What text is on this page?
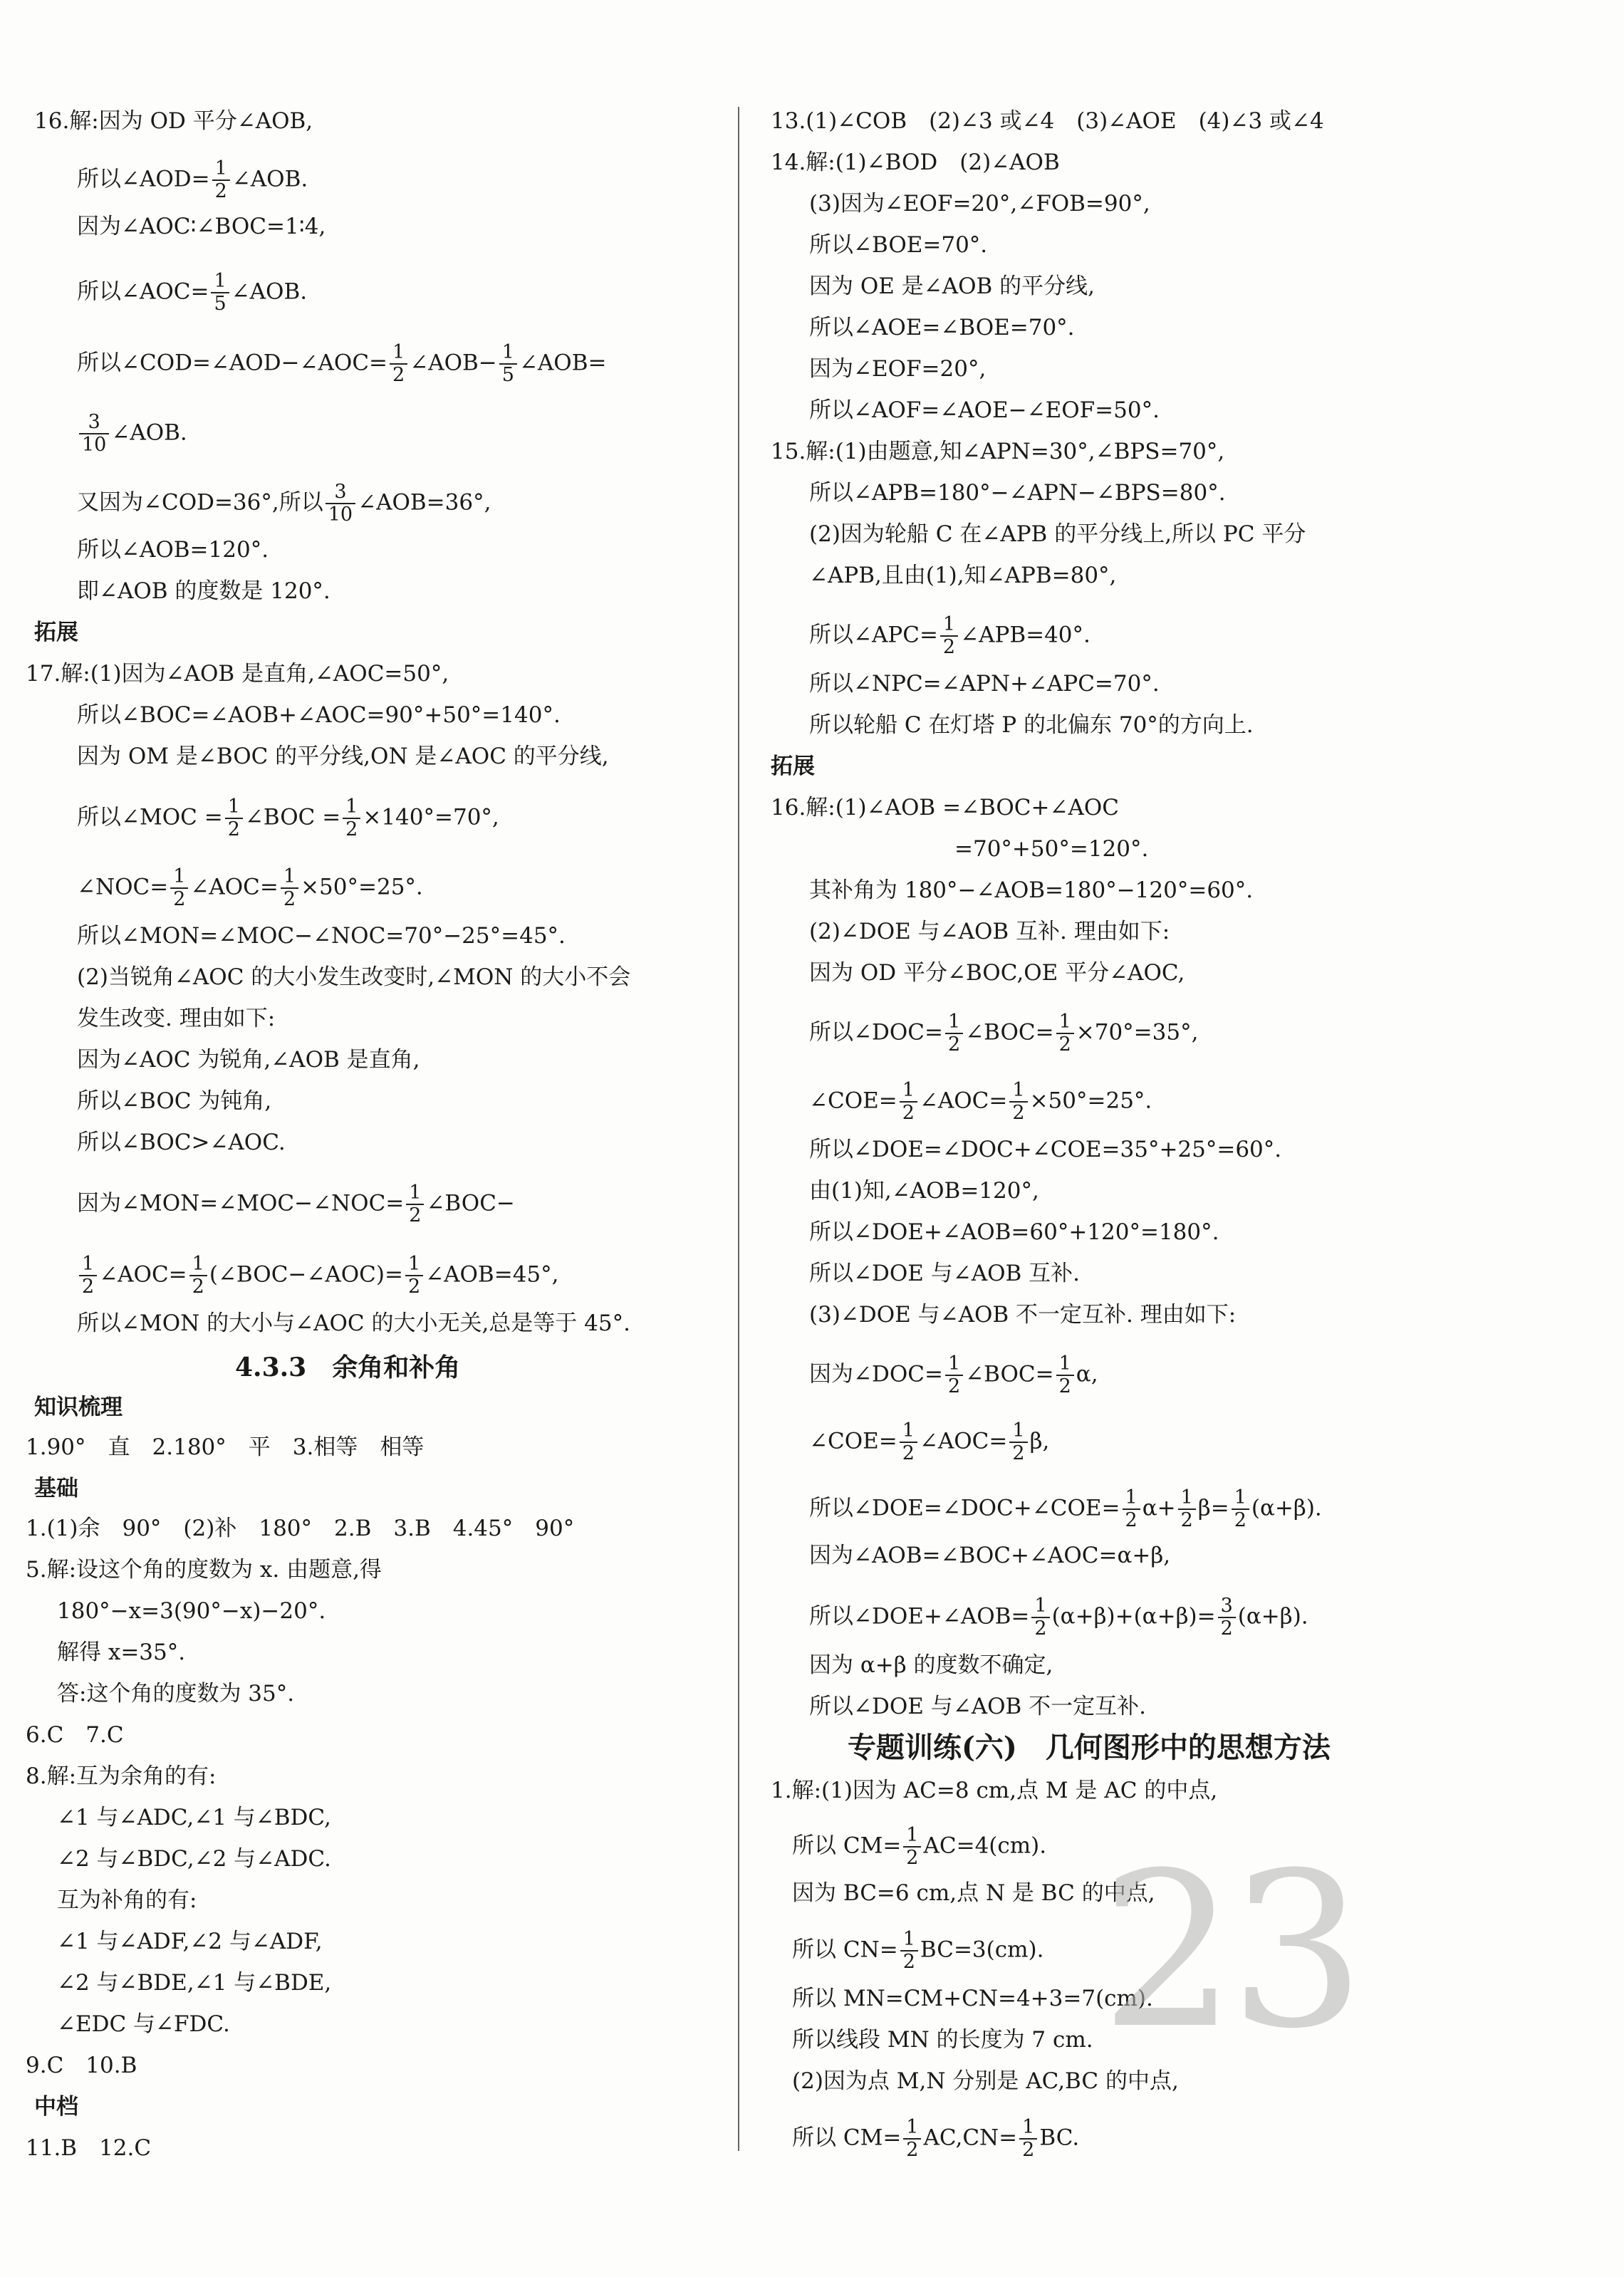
16.解:因为 OD 平分∠AOB,
所以∠AOD= $\frac{1}{2}$ ∠AOB.
因为∠AOC∶∠BOC=1∶4,
所以∠AOC= $\frac{1}{5}$ ∠AOB.
所以∠COD=∠AOD−∠AOC= $\frac{1}{2}$ ∠AOB− $\frac{1}{5}$ ∠AOB=
$\frac{3}{10}$ ∠AOB.
又因为∠COD=36°,所以 $\frac{3}{10}$ ∠AOB=36°,
所以∠AOB=120°.
即∠AOB 的度数是 120°.
拓展
17.解:(1)因为∠AOB 是直角,∠AOC=50°,
所以∠BOC=∠AOB+∠AOC=90°+50°=140°.
因为 OM 是∠BOC 的平分线,ON 是∠AOC 的平分线,
所以∠MOC = $\frac{1}{2}$ ∠BOC = $\frac{1}{2} \times 140^\circ=70^\circ$,
∠NOC= $\frac{1}{2}$ ∠AOC= $\frac{1}{2} \times 50^\circ=25^\circ$.
所以∠MON=∠MOC−∠NOC=70°−25°=45°.
(2)当锐角∠AOC 的大小发生改变时,∠MON 的大小不会
发生改变. 理由如下:
因为∠AOC 为锐角,∠AOB 是直角,
所以∠BOC 为钝角,
所以∠BOC>∠AOC.
因为∠MON=∠MOC−∠NOC= $\frac{1}{2}$ ∠BOC−
$\frac{1}{2}$ ∠AOC= $\frac{1}{2}$ (∠BOC−∠AOC)= $\frac{1}{2}$ ∠AOB=45°,
所以∠MON 的大小与∠AOC 的大小无关,总是等于 45°.
4.3.3　余角和补角
知识梳理
1.90°　直　2.180°　平　3.相等　相等
基础
1.(1)余　90°　(2)补　180°　2.B　3.B　4.45°　90°
5.解:设这个角的度数为 x. 由题意,得
180°−x=3(90°−x)−20°.
解得 x=35°.
答:这个角的度数为 35°.
6.C　7.C
8.解:互为余角的有:
∠1 与∠ADC,∠1 与∠BDC,
∠2 与∠BDC,∠2 与∠ADC.
互为补角的有:
∠1 与∠ADF,∠2 与∠ADF,
∠2 与∠BDE,∠1 与∠BDE,
∠EDC 与∠FDC.
9.C　10.B
中档
11.B　12.C
13.(1)∠COB　(2)∠3 或∠4　(3)∠AOE　(4)∠3 或∠4
14.解:(1)∠BOD　(2)∠AOB
(3)因为∠EOF=20°,∠FOB=90°,
所以∠BOE=70°.
因为 OE 是∠AOB 的平分线,
所以∠AOE=∠BOE=70°.
因为∠EOF=20°,
所以∠AOF=∠AOE−∠EOF=50°.
15.解:(1)由题意,知∠APN=30°,∠BPS=70°,
所以∠APB=180°−∠APN−∠BPS=80°.
(2)因为轮船 C 在∠APB 的平分线上,所以 PC 平分
∠APB,且由(1),知∠APB=80°,
所以∠APC= $\frac{1}{2}$ ∠APB=40°.
所以∠NPC=∠APN+∠APC=70°.
所以轮船 C 在灯塔 P 的北偏东 70°的方向上.
拓展
16.解:(1)∠AOB =∠BOC+∠AOC
=70°+50°=120°.
其补角为 180°−∠AOB=180°−120°=60°.
(2)∠DOE 与∠AOB 互补. 理由如下:
因为 OD 平分∠BOC,OE 平分∠AOC,
所以∠DOC= $\frac{1}{2}$ ∠BOC= $\frac{1}{2} \times 70^\circ=35^\circ$,
∠COE= $\frac{1}{2}$ ∠AOC= $\frac{1}{2} \times 50^\circ=25^\circ$.
所以∠DOE=∠DOC+∠COE=35°+25°=60°.
由(1)知,∠AOB=120°,
所以∠DOE+∠AOB=60°+120°=180°.
所以∠DOE 与∠AOB 互补.
(3)∠DOE 与∠AOB 不一定互补. 理由如下:
因为∠DOC= $\frac{1}{2}$ ∠BOC= $\frac{1}{2} \alpha$,
∠COE= $\frac{1}{2}$ ∠AOC= $\frac{1}{2} \beta$,
所以∠DOE=∠DOC+∠COE= $\frac{1}{2} \alpha+ \frac{1}{2} \beta= \frac{1}{2} (\alpha+\beta)$.
因为∠AOB=∠BOC+∠AOC=α+β,
所以∠DOE+∠AOB= $\frac{1}{2} (\alpha+\beta)+(\alpha+\beta)= \frac{3}{2} (\alpha+\beta)$.
因为 α+β 的度数不确定,
所以∠DOE 与∠AOB 不一定互补.
专题训练(六)　几何图形中的思想方法
1.解:(1)因为 AC=8 cm,点 M 是 AC 的中点,
所以 $CM= \frac{1}{2} AC=4(cm)$.
因为 BC=6 cm,点 N 是 BC 的中点,
所以 $CN= \frac{1}{2} BC=3(cm)$.
所以 MN=CM+CN=4+3=7(cm).
所以线段 MN 的长度为 7 cm.
(2)因为点 M,N 分别是 AC,BC 的中点,
所以 $CM= \frac{1}{2} AC,CN= \frac{1}{2}$ BC.
23
